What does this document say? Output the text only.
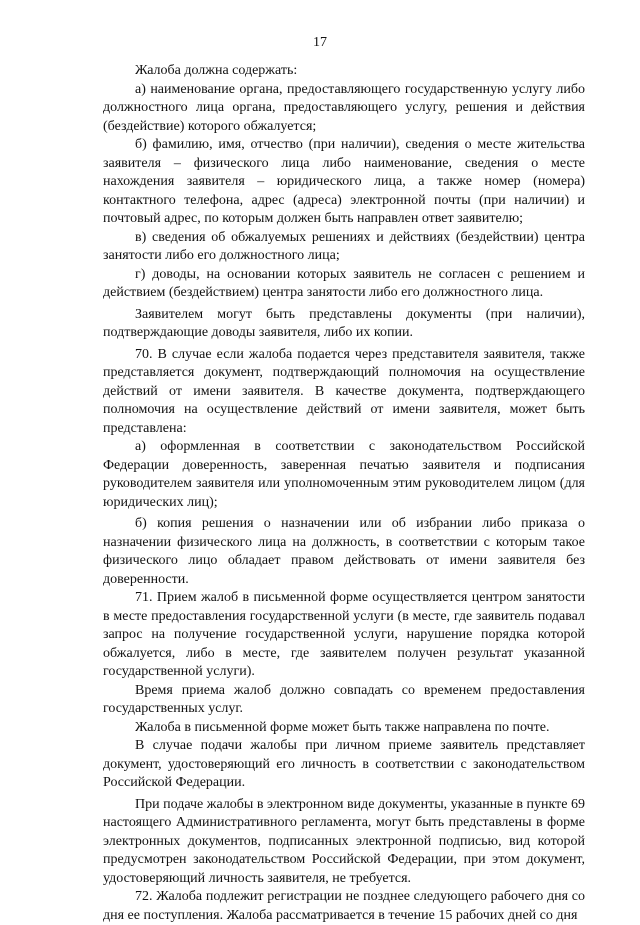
17

Жалоба должна содержать:

а) наименование органа, предоставляющего государственную услугу либо должностного лица органа, предоставляющего услугу, решения и действия (бездействие) которого обжалуется;

б) фамилию, имя, отчество (при наличии), сведения о месте жительства заявителя – физического лица либо наименование, сведения о месте нахождения заявителя – юридического лица, а также номер (номера) контактного телефона, адрес (адреса) электронной почты (при наличии) и почтовый адрес, по которым должен быть направлен ответ заявителю;

в) сведения об обжалуемых решениях и действиях (бездействии) центра занятости либо его должностного лица;

г) доводы, на основании которых заявитель не согласен с решением и действием (бездействием) центра занятости либо его должностного лица.

Заявителем могут быть представлены документы (при наличии), подтверждающие доводы заявителя, либо их копии.

70. В случае если жалоба подается через представителя заявителя, также представляется документ, подтверждающий полномочия на осуществление действий от имени заявителя. В качестве документа, подтверждающего полномочия на осуществление действий от имени заявителя, может быть представлена:

а) оформленная в соответствии с законодательством Российской Федерации доверенность, заверенная печатью заявителя и подписания руководителем заявителя или уполномоченным этим руководителем лицом (для юридических лиц);

б) копия решения о назначении или об избрании либо приказа о назначении физического лица на должность, в соответствии с которым такое физического лицо обладает правом действовать от имени заявителя без доверенности.

71. Прием жалоб в письменной форме осуществляется центром занятости в месте предоставления государственной услуги (в месте, где заявитель подавал запрос на получение государственной услуги, нарушение порядка которой обжалуется, либо в месте, где заявителем получен результат указанной государственной услуги).

Время приема жалоб должно совпадать со временем предоставления государственных услуг.

Жалоба в письменной форме может быть также направлена по почте.

В случае подачи жалобы при личном приеме заявитель представляет документ, удостоверяющий его личность в соответствии с законодательством Российской Федерации.

При подаче жалобы в электронном виде документы, указанные в пункте 69 настоящего Административного регламента, могут быть представлены в форме электронных документов, подписанных электронной подписью, вид которой предусмотрен законодательством Российской Федерации, при этом документ, удостоверяющий личность заявителя, не требуется.

72. Жалоба подлежит регистрации не позднее следующего рабочего дня со дня ее поступления. Жалоба рассматривается в течение 15 рабочих дней со дня
